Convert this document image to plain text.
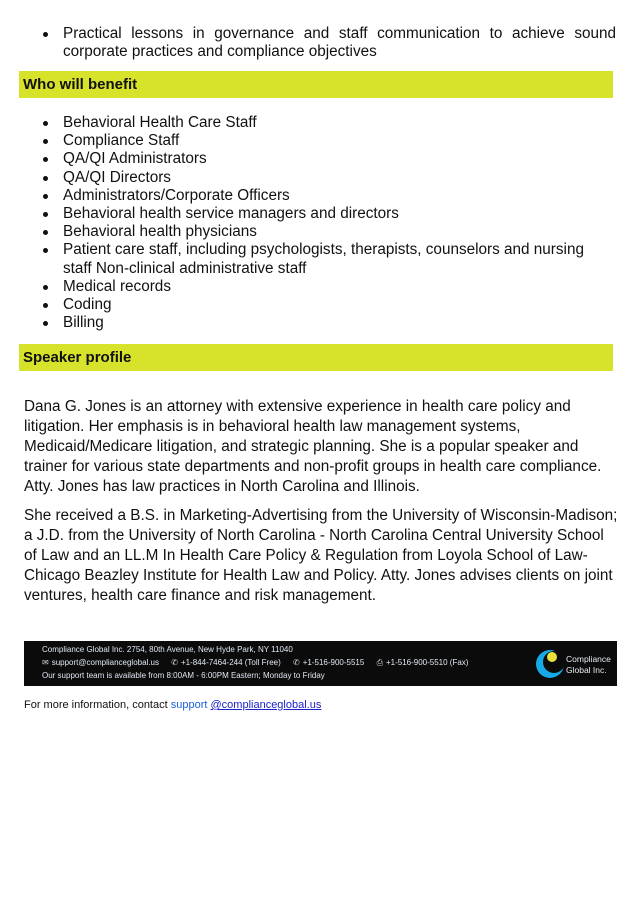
Practical lessons in governance and staff communication to achieve sound corporate practices and compliance objectives
Who will benefit
Behavioral Health Care Staff
Compliance Staff
QA/QI Administrators
QA/QI Directors
Administrators/Corporate Officers
Behavioral health service managers and directors
Behavioral health physicians
Patient care staff, including psychologists, therapists, counselors and nursing staff Non-clinical administrative staff
Medical records
Coding
Billing
Speaker profile

Dana G. Jones is an attorney with extensive experience in health care policy and litigation. Her emphasis is in behavioral health law management systems, Medicaid/Medicare litigation, and strategic planning. She is a popular speaker and trainer for various state departments and non-profit groups in health care compliance. Atty. Jones has law practices in North Carolina and Illinois.

She received a B.S. in Marketing-Advertising from the University of Wisconsin-Madison; a J.D. from the University of North Carolina - North Carolina Central University School of Law and an LL.M In Health Care Policy & Regulation from Loyola School of Law-Chicago Beazley Institute for Health Law and Policy. Atty. Jones advises clients on joint ventures, health care finance and risk management.

Compliance Global Inc. 2754, 80th Avenue, New Hyde Park, NY 11040
✉ support@complianceglobal.us ✆ +1-844-7464-244 (Toll Free) ✆ +1-516-900-5515 ⎙ +1-516-900-5510 (Fax)
Our support team is available from 8:00AM - 6:00PM Eastern; Monday to Friday
Compliance
Global Inc.
For more information, contact support @complianceglobal.us
